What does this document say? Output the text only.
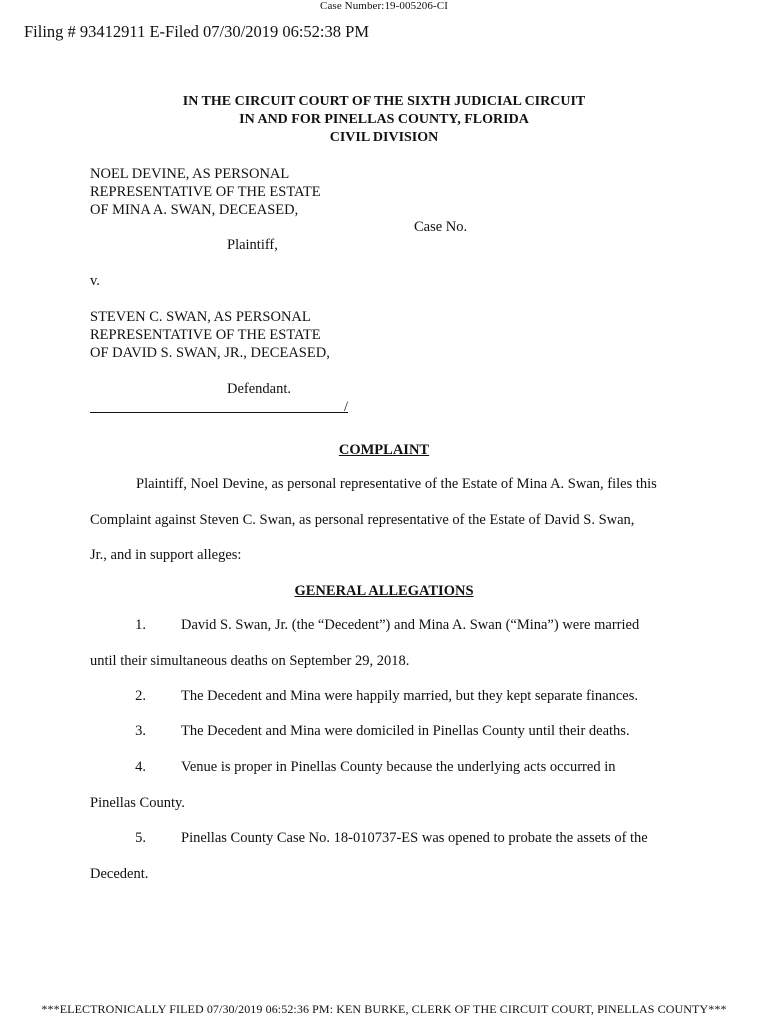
Case Number:19-005206-CI
Filing # 93412911 E-Filed 07/30/2019 06:52:38 PM
IN THE CIRCUIT COURT OF THE SIXTH JUDICIAL CIRCUIT
IN AND FOR PINELLAS COUNTY, FLORIDA
CIVIL DIVISION
NOEL DEVINE, AS PERSONAL
REPRESENTATIVE OF THE ESTATE
OF MINA A. SWAN, DECEASED,
Case No.
Plaintiff,
v.
STEVEN C. SWAN, AS PERSONAL
REPRESENTATIVE OF THE ESTATE
OF DAVID S. SWAN, JR., DECEASED,
Defendant.
/
COMPLAINT
Plaintiff, Noel Devine, as personal representative of the Estate of Mina A. Swan, files this
Complaint against Steven C. Swan, as personal representative of the Estate of David S. Swan,
Jr., and in support alleges:
GENERAL ALLEGATIONS
1. David S. Swan, Jr. (the “Decedent”) and Mina A. Swan (“Mina”) were married
until their simultaneous deaths on September 29, 2018.
2. The Decedent and Mina were happily married, but they kept separate finances.
3. The Decedent and Mina were domiciled in Pinellas County until their deaths.
4. Venue is proper in Pinellas County because the underlying acts occurred in
Pinellas County.
5. Pinellas County Case No. 18-010737-ES was opened to probate the assets of the
Decedent.
***ELECTRONICALLY FILED 07/30/2019 06:52:36 PM: KEN BURKE, CLERK OF THE CIRCUIT COURT, PINELLAS COUNTY***
